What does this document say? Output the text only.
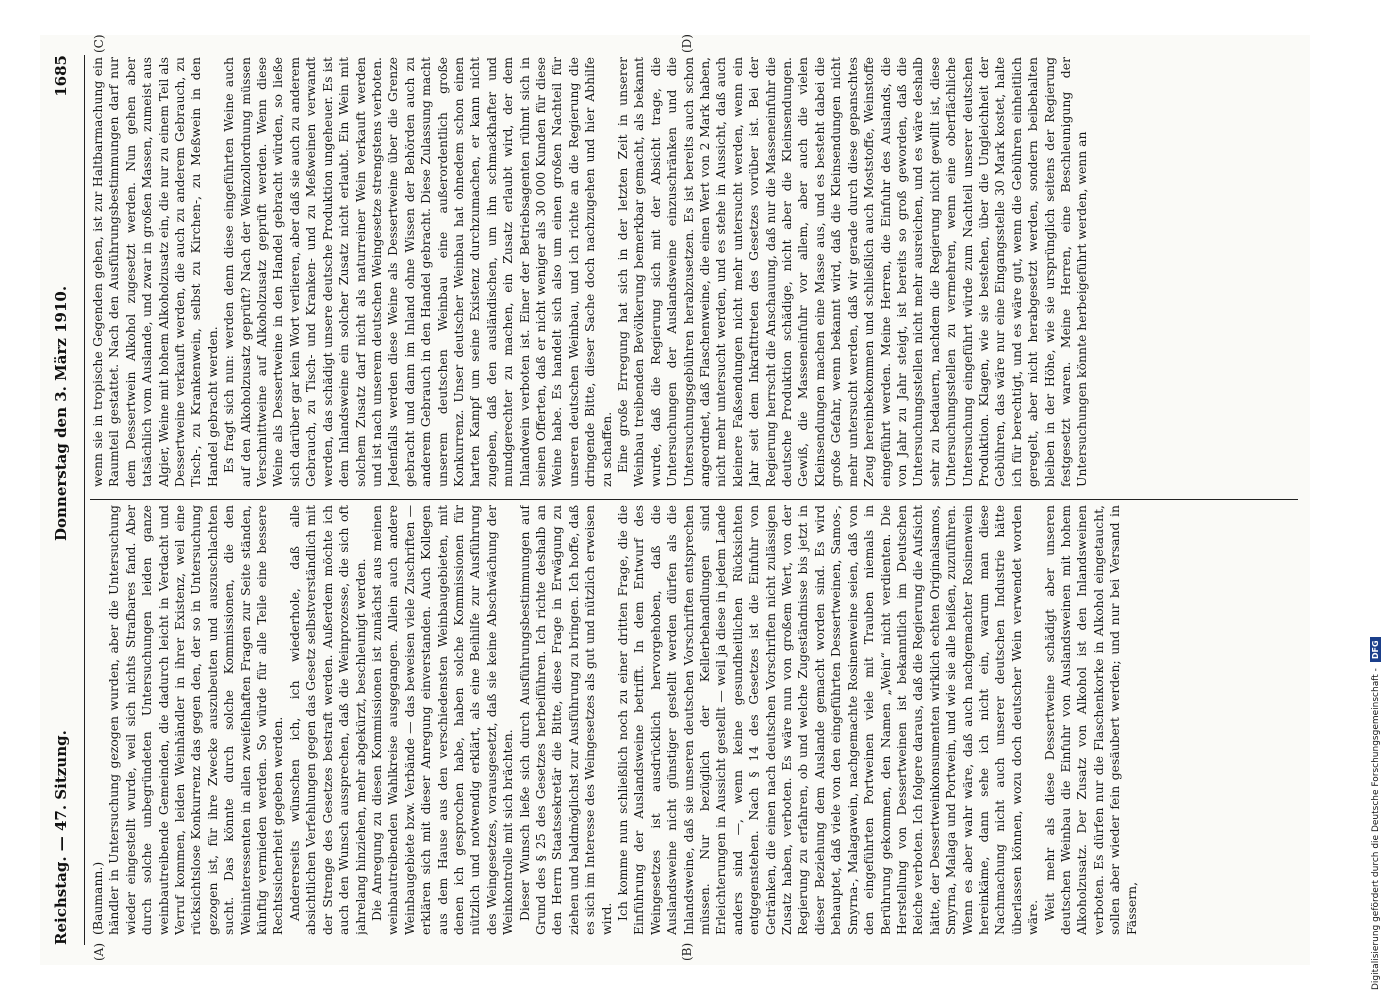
Reichstag. — 47. Sitzung.
Donnerstag den 3. März 1910.
1685
(A)	(B)
(C)	(D)

(Baumann.) händler in Untersuchung gezogen wurden, aber die Untersuchung wieder eingestellt wurde, weil sich nichts Strafbares fand. Aber durch solche unbegründeten Untersuchungen leiden ganze weinbautreibende Gemeinden, die dadurch leicht in Verdacht und Verruf kommen, leiden Weinhändler in ihrer Existenz, weil eine rücksichtslose Konkurrenz das gegen den, der so in Untersuchung gezogen ist, für ihre Zwecke auszubeuten und auszuschlachten sucht. Das könnte durch solche Kommissionen, die den Weininteressenten in allen zweifelhaften Fragen zur Seite ständen, künftig vermieden werden. So würde für alle Teile eine bessere Rechtssicherheit gegeben werden. Andererseits wünschen ich, ich wiederhole, daß alle absichtlichen Verfehlungen gegen das Gesetz selbstverständlich mit der Strenge des Gesetzes bestraft werden. Außerdem möchte ich auch den Wunsch aussprechen, daß die Weinprozesse, die sich oft jahrelang hinziehen, mehr abgekürzt, beschleunigt werden. Die Anregung zu diesen Kommissionen ist zunächst aus meinen weinbautreibenden Wahlkreise ausgegangen. Allein auch andere Weinbaugebiete bzw. Verbände — das beweisen viele Zuschriften — erklären sich mit dieser Anregung einverstanden. Auch Kollegen aus dem Hause aus den verschiedensten Weinbaugebieten, mit denen ich gesprochen habe, haben solche Kommissionen für nützlich und notwendig erklärt, als eine Beihilfe zur Ausführung des Weingesetzes, vorausgesetzt, daß sie keine Abschwächung der Weinkontrolle mit sich brächten. Dieser Wunsch ließe sich durch Ausführungsbestimmungen auf Grund des § 25 des Gesetzes herbeiführen. Ich richte deshalb an den Herrn Staatssekretär die Bitte, diese Frage in Erwägung zu ziehen und baldmöglichst zur Ausführung zu bringen. Ich hoffe, daß es sich im Interesse des Weingesetzes als gut und nützlich erweisen wird. Ich komme nun schließlich noch zu einer dritten Frage, die die Einführung der Auslandsweine betrifft. In dem Entwurf des Weingesetzes ist ausdrücklich hervorgehoben, daß die Auslandsweine nicht günstiger gestellt werden dürfen als die Inlandsweine, daß sie unseren deutschen Vorschriften entsprechen müssen. Nur bezüglich der Kellerbehandlungen sind Erleichterungen in Aussicht gestellt — weil ja diese in jedem Lande anders sind —, wenn keine gesundheitlichen Rücksichten entgegenstehen. Nach § 14 des Gesetzes ist die Einfuhr von Getränken, die einen nach deutschen Vorschriften nicht zulässigen Zusatz haben, verboten. Es wäre nun von großem Wert, von der Regierung zu erfahren, ob und welche Zugeständnisse bis jetzt in dieser Beziehung dem Auslande gemacht worden sind. Es wird behauptet, daß viele von den eingeführten Dessertweinen, Samos-, Smyrna-, Malagawein, nachgemachte Rosinenweine seien, daß von den eingeführten Portweinen viele mit Trauben niemals in Berührung gekommen, den Namen „Wein“ nicht verdienten. Die Herstellung von Dessertweinen ist bekanntlich im Deutschen Reiche verboten. Ich folgere daraus, daß die Regierung die Aufsicht hätte, der Dessertweinkonsumenten wirklich echten Originalsamos, Smyrna, Malaga und Portwein, und wie sie alle heißen, zuzuführen. Wenn es aber wahr wäre, daß auch nachgemachter Rosinenwein hereinkäme, dann sehe ich nicht ein, warum man diese Nachmachung nicht auch unserer deutschen Industrie hätte überlassen können, wozu doch deutscher Wein verwendet worden wäre. Weit mehr als diese Dessertweine schädigt aber unseren deutschen Weinbau die Einfuhr von Auslandsweinen mit hohem Alkoholzusatz. Der Zusatz von Alkohol ist den Inlandsweinen verboten. Es dürfen nur die Flaschenkorke in Alkohol eingetaucht, sollen aber wieder fein gesäubert werden; und nur bei Versand in Fässern,

wenn sie in tropische Gegenden gehen, ist zur Haltbarmachung ein Raumteil gestattet. Nach den Ausführungsbestimmungen darf nur dem Dessertwein Alkohol zugesetzt werden. Nun gehen aber tatsächlich vom Auslande, und zwar in großen Massen, zumeist aus Algier, Weine mit hohem Alkoholzusatz ein, die nur zu einem Teil als Dessertweine verkauft werden, die auch zu anderem Gebrauch, zu Tisch-, zu Krankenwein, selbst zu Kirchen-, zu Meßwein in den Handel gebracht werden. Es fragt sich nun: werden denn diese eingeführten Weine auch auf den Alkoholzusatz geprüft? Nach der Weinzollordnung müssen Verschnittweine auf Alkoholzusatz geprüft werden. Wenn diese Weine als Dessertweine in den Handel gebracht würden, so ließe sich darüber gar kein Wort verlieren, aber daß sie auch zu anderem Gebrauch, zu Tisch- und Kranken- und zu Meßweinen verwandt werden, das schädigt unsere deutsche Produktion ungeheuer. Es ist dem Inlandsweine ein solcher Zusatz nicht erlaubt. Ein Wein mit solchem Zusatz darf nicht als naturreiner Wein verkauft werden und ist nach unserem deutschen Weingesetze strengstens verboten. Jedenfalls werden diese Weine als Dessertweine über die Grenze gebracht und dann im Inland ohne Wissen der Behörden auch zu anderem Gebrauch in den Handel gebracht. Diese Zulassung macht unserem deutschen Weinbau eine außerordentlich große Konkurrenz. Unser deutscher Weinbau hat ohnedem schon einen harten Kampf um seine Existenz durchzumachen, er kann nicht zugeben, daß den ausländischen, um ihn schmackhafter und mundgerechter zu machen, ein Zusatz erlaubt wird, der dem Inlandwein verboten ist. Einer der Betriebsagenten rühmt sich in seinen Offerten, daß er nicht weniger als 30 000 Kunden für diese Weine habe. Es handelt sich also um einen großen Nachteil für unseren deutschen Weinbau, und ich richte an die Regierung die dringende Bitte, dieser Sache doch nachzugehen und hier Abhilfe zu schaffen. Eine große Erregung hat sich in der letzten Zeit in unserer Weinbau treibenden Bevölkerung bemerkbar gemacht, als bekannt wurde, daß die Regierung sich mit der Absicht trage, die Untersuchungen der Auslandsweine einzuschränken und die Untersuchungsgebühren herabzusetzen. Es ist bereits auch schon angeordnet, daß Flaschenweine, die einen Wert von 2 Mark haben, nicht mehr untersucht werden, und es stehe in Aussicht, daß auch kleinere Faßsendungen nicht mehr untersucht werden, wenn ein Jahr seit dem Inkrafttreten des Gesetzes vorüber ist. Bei der Regierung herrscht die Anschauung, daß nur die Masseneinfuhr die deutsche Produktion schädige, nicht aber die Kleinsendungen. Gewiß, die Masseneinfuhr vor allem, aber auch die vielen Kleinsendungen machen eine Masse aus, und es besteht dabei die große Gefahr, wenn bekannt wird, daß die Kleinsendungen nicht mehr untersucht werden, daß wir gerade durch diese gepanschtes Zeug hereinbekommen und schließlich auch Moststoffe, Weinstoffe eingeführt werden. Meine Herren, die Einfuhr des Auslands, die von Jahr zu Jahr steigt, ist bereits so groß geworden, daß die Untersuchungsstellen nicht mehr ausreichen, und es wäre deshalb sehr zu bedauern, nachdem die Regierung nicht gewillt ist, diese Untersuchungsstellen zu vermehren, wenn eine oberflächliche Untersuchung eingeführt würde zum Nachteil unserer deutschen Produktion. Klagen, wie sie bestehen, über die Ungleichheit der Gebühren, das wäre nur eine Eingangsstelle 30 Mark kostet, halte ich für berechtigt, und es wäre gut, wenn die Gebühren einheitlich geregelt, aber nicht herabgesetzt werden, sondern beibehalten bleiben in der Höhe, wie sie ursprünglich seitens der Regierung festgesetzt waren. Meine Herren, eine Beschleunigung der Untersuchungen könnte herbeigeführt werden, wenn an

Digitalisierung gefördert durch die Deutsche Forschungsgemeinschaft -
DFG
